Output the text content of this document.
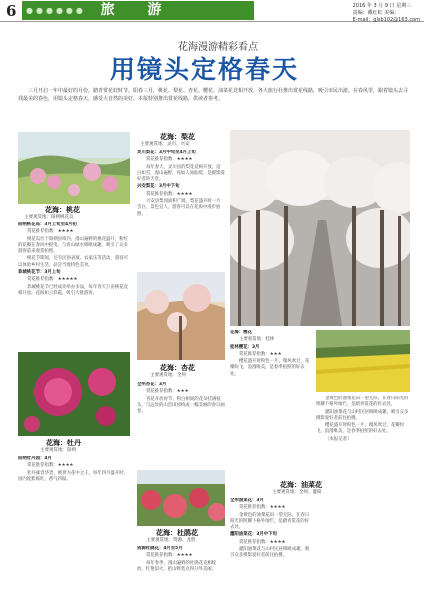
6 ●●●●●●	旅 游	2016 年 3 月 9 日 星期三
责编：戴红虹 美编：
E-mail：glsb102@163.com
花海漫游精彩看点
用镜头定格春天

三月开启一年中最好的月份，踏青赏花好时节。阳春三月，桃花、梨花、杏花、樱花、油菜花竞相开放，各大旅行社推出赏花线路，吸引市民出游。在春风里，跟着镜头去寻找最美的春色，用镜头定格春天，感受大自然的美好。本报特别推出赏花线路，供读者参考。

花海：桃花
主要观赏地：阳朔桃花岛

阳朔桃花岛：3月上旬至4月初

赏花推荐指数：★★★★

桃花岛位于阳朔县境内，漫山遍野的桃花盛开，粉红的花瓣在春风中摇曳，与青山绿水相映成趣，吸引了众多游客前来观赏拍照。

桃花节期间，还有民俗表演、农家乐等活动，游客可以体验乡村生活，品尝当地特色美食。

恭城桃花节：3月上旬

赏花推荐指数：★★★★★

恭城桃花节已经成功举办多届，每年春天万亩桃花竞相开放，花海如云似霞，吸引大批游客。

花海：梨花
主要观赏地：灵川、兴安

灵川梨花：3月中旬至4月上旬

赏花推荐指数：★★★★

每年春天，灵川县的梨花竞相开放，洁白如雪，漫山遍野，宛如人间仙境，是摄影爱好者的天堂。

兴安梨花：3月中下旬

赏花推荐指数：★★★★

兴安县梨园面积广阔，梨花盛开时一片雪白，景色宜人，游客可以在花海中漫步拍照。

花海：杏花
主要观赏地：全州

全州杏花：3月

赏花推荐指数：★★★

杏花开放时节，粉白相间的花朵挂满枝头，与远处的山峦田园构成一幅美丽的春日画卷。

花海：牡丹
主要观赏地：阳朔

阳朔牡丹园：4月

赏花推荐指数：★★★★

牡丹雍容华贵，被誉为花中之王，每年四月盛开时，园内姹紫嫣红，香气四溢。

花海：杜鹃花
主要观赏地：资源、龙胜

资源杜鹃花：4月至5月

赏花推荐指数：★★★★

每年春季，漫山遍野的杜鹃花竞相绽放，红艳似火，把山野装点得分外美丽。

花海：油菜花
主要观赏地：全州、灌阳

花海：樱花

主要观赏地：桂林

桂林樱花：3月

赏花推荐指数：★★★

樱花盛开时粉色一片，微风吹过，花瓣纷飞，浪漫唯美，是春季拍照的好去处。

全州油菜花：3月

赏花推荐指数：★★★★

金黄色的油菜花田一望无际，在春日阳光的照耀下格外灿烂，是踏青赏花的好去处。

灌阳油菜花：3月中下旬

赏花推荐指数：★★★★

灌阳油菜花与山村民居相映成趣，吸引众多摄影爱好者前往拍摄。

金黄色的油菜花田一望无际，在春日阳光的照耀下格外灿烂，是踏青赏花的好去处。

灌阳油菜花与山村民居相映成趣，吸引众多摄影爱好者前往拍摄。

樱花盛开时粉色一片，微风吹过，花瓣纷飞，浪漫唯美，是春季拍照的好去处。

（本报记者）
